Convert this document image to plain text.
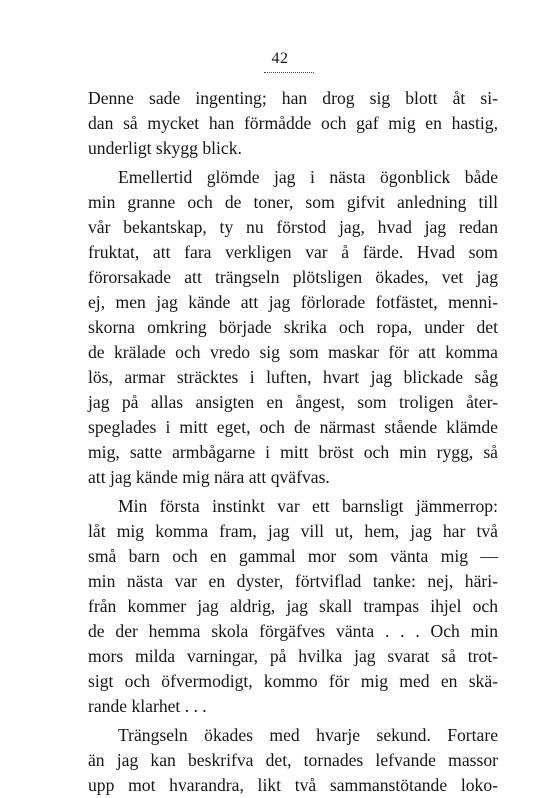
42
Denne sade ingenting; han drog sig blott åt si-
dan så mycket han förmådde och gaf mig en hastig,
underligt skygg blick.
Emellertid glömde jag i nästa ögonblick både
min granne och de toner, som gifvit anledning till
vår bekantskap, ty nu förstod jag, hvad jag redan
fruktat, att fara verkligen var å färde. Hvad som
förorsakade att trängseln plötsligen ökades, vet jag
ej, men jag kände att jag förlorade fotfästet, menni-
skorna omkring började skrika och ropa, under det
de krälade och vredo sig som maskar för att komma
lös, armar sträcktes i luften, hvart jag blickade såg
jag på allas ansigten en ångest, som troligen åter-
speglades i mitt eget, och de närmast stående klämde
mig, satte armbågarne i mitt bröst och min rygg, så
att jag kände mig nära att qväfvas.
Min första instinkt var ett barnsligt jämmerrop:
låt mig komma fram, jag vill ut, hem, jag har två
små barn och en gammal mor som vänta mig —
min nästa var en dyster, förtviflad tanke: nej, häri-
från kommer jag aldrig, jag skall trampas ihjel och
de der hemma skola förgäfves vänta . . . Och min
mors milda varningar, på hvilka jag svarat så trot-
sigt och öfvermodigt, kommo för mig med en skä-
rande klarhet . . .
Trängseln ökades med hvarje sekund. Fortare
än jag kan beskrifva det, tornades lefvande massor
upp mot hvarandra, likt två sammanstötande loko-
